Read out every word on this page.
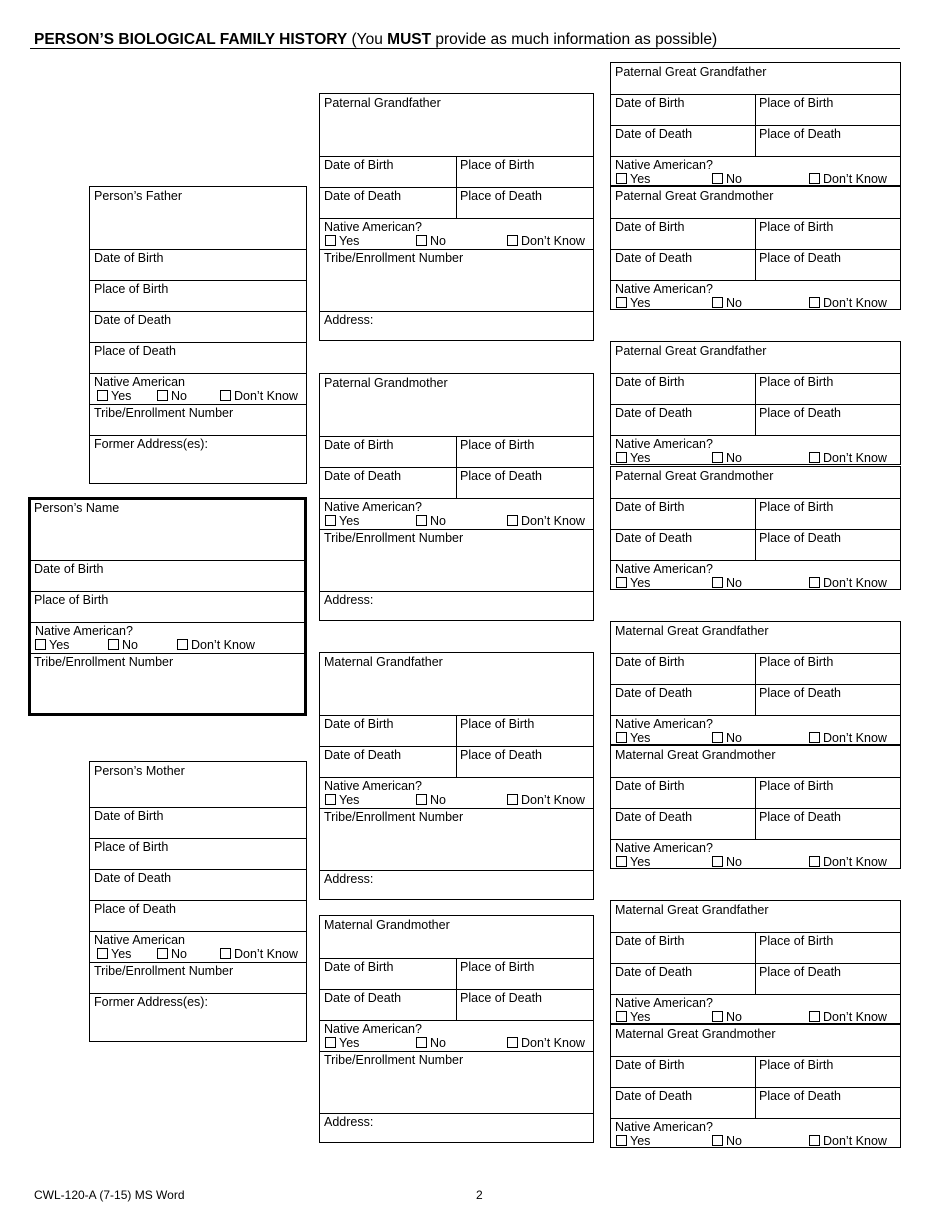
PERSON’S BIOLOGICAL FAMILY HISTORY (You MUST provide as much information as possible)
Person’s Name
Date of Birth
Place of Birth
Native American?
Yes	No	Don’t Know
Tribe/Enrollment Number
Person’s Father
Date of Birth
Place of Birth
Date of Death
Place of Death
Native American
Yes	No	Don’t Know
Tribe/Enrollment Number
Former Address(es):
Person’s Mother
Date of Birth
Place of Birth
Date of Death
Place of Death
Native American
Yes	No	Don’t Know
Tribe/Enrollment Number
Former Address(es):
Paternal Grandfather
Date of Birth	Place of Birth
Date of Death	Place of Death
Native American?
Yes	No	Don’t Know
Tribe/Enrollment Number
Address:
Paternal Grandmother
Date of Birth	Place of Birth
Date of Death	Place of Death
Native American?
Yes	No	Don’t Know
Tribe/Enrollment Number
Address:
Maternal Grandfather
Date of Birth	Place of Birth
Date of Death	Place of Death
Native American?
Yes	No	Don’t Know
Tribe/Enrollment Number
Address:
Maternal Grandmother
Date of Birth	Place of Birth
Date of Death	Place of Death
Native American?
Yes	No	Don’t Know
Tribe/Enrollment Number
Address:
Paternal Great Grandfather
Date of Birth	Place of Birth
Date of Death	Place of Death
Native American?
Yes	No	Don’t Know
Paternal Great Grandmother
Date of Birth	Place of Birth
Date of Death	Place of Death
Native American?
Yes	No	Don’t Know
Paternal Great Grandfather
Date of Birth	Place of Birth
Date of Death	Place of Death
Native American?
Yes	No	Don’t Know
Paternal Great Grandmother
Date of Birth	Place of Birth
Date of Death	Place of Death
Native American?
Yes	No	Don’t Know
Maternal Great Grandfather
Date of Birth	Place of Birth
Date of Death	Place of Death
Native American?
Yes	No	Don’t Know
Maternal Great Grandmother
Date of Birth	Place of Birth
Date of Death	Place of Death
Native American?
Yes	No	Don’t Know
Maternal Great Grandfather
Date of Birth	Place of Birth
Date of Death	Place of Death
Native American?
Yes	No	Don’t Know
Maternal Great Grandmother
Date of Birth	Place of Birth
Date of Death	Place of Death
Native American?
Yes	No	Don’t Know
CWL-120-A (7-15) MS Word	2
